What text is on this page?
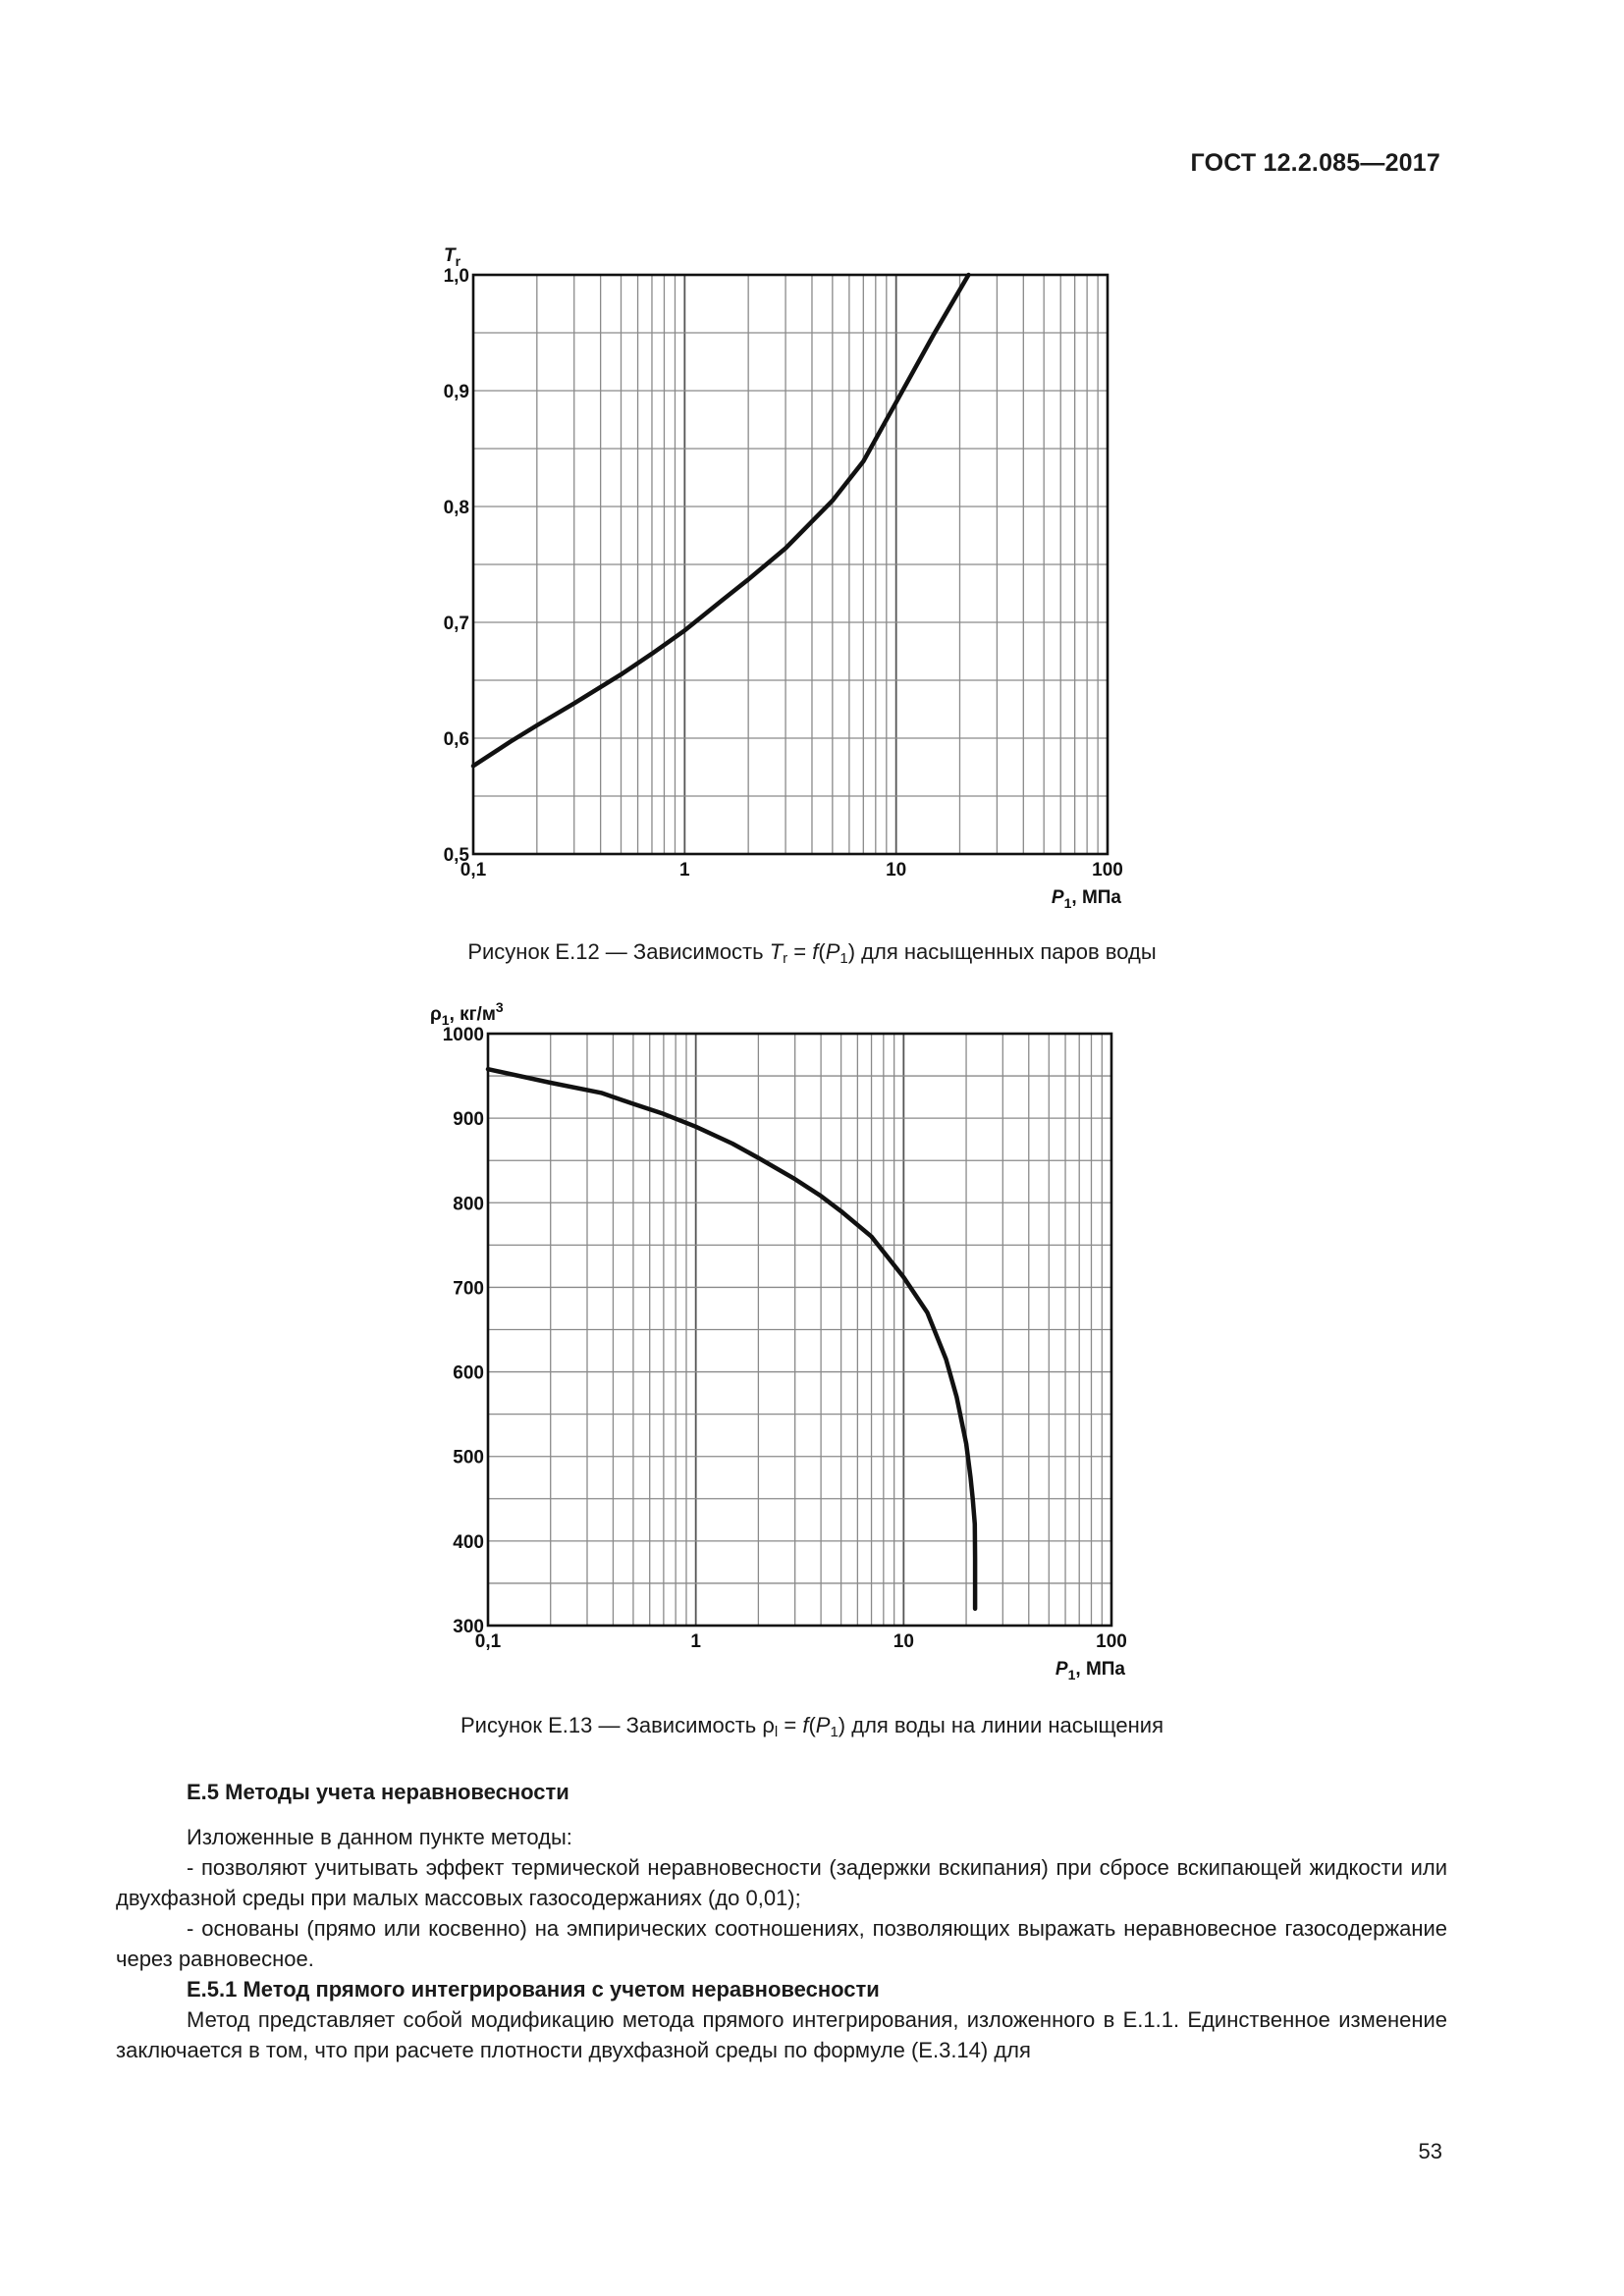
ГОСТ 12.2.085—2017
0,1	1	10	100
0,5
0,6
0,7
0,8
0,9
1,0
$P_1$, МПа
$T_r$
Рисунок Е.12 — Зависимость $T_r = f(P_1)$ для насыщенных паров воды
0,1	1	10	100
300
400
500
600
700
800
900
1000
$P_1$, МПа
$\rho_1$, $кг/м^3$
Рисунок Е.13 — Зависимость $\rho_l = f(P_1)$ для воды на линии насыщения
Е.5 Методы учета неравновесности
Изложенные в данном пункте методы:
- позволяют учитывать эффект термической неравновесности (задержки вскипания) при сбросе вскипающей жидкости или двухфазной среды при малых массовых газосодержаниях (до 0,01);
- основаны (прямо или косвенно) на эмпирических соотношениях, позволяющих выражать неравновесное газосодержание через равновесное.
Е.5.1 Метод прямого интегрирования с учетом неравновесности
Метод представляет собой модификацию метода прямого интегрирования, изложенного в Е.1.1. Единственное изменение заключается в том, что при расчете плотности двухфазной среды по формуле (Е.3.14) для
53
